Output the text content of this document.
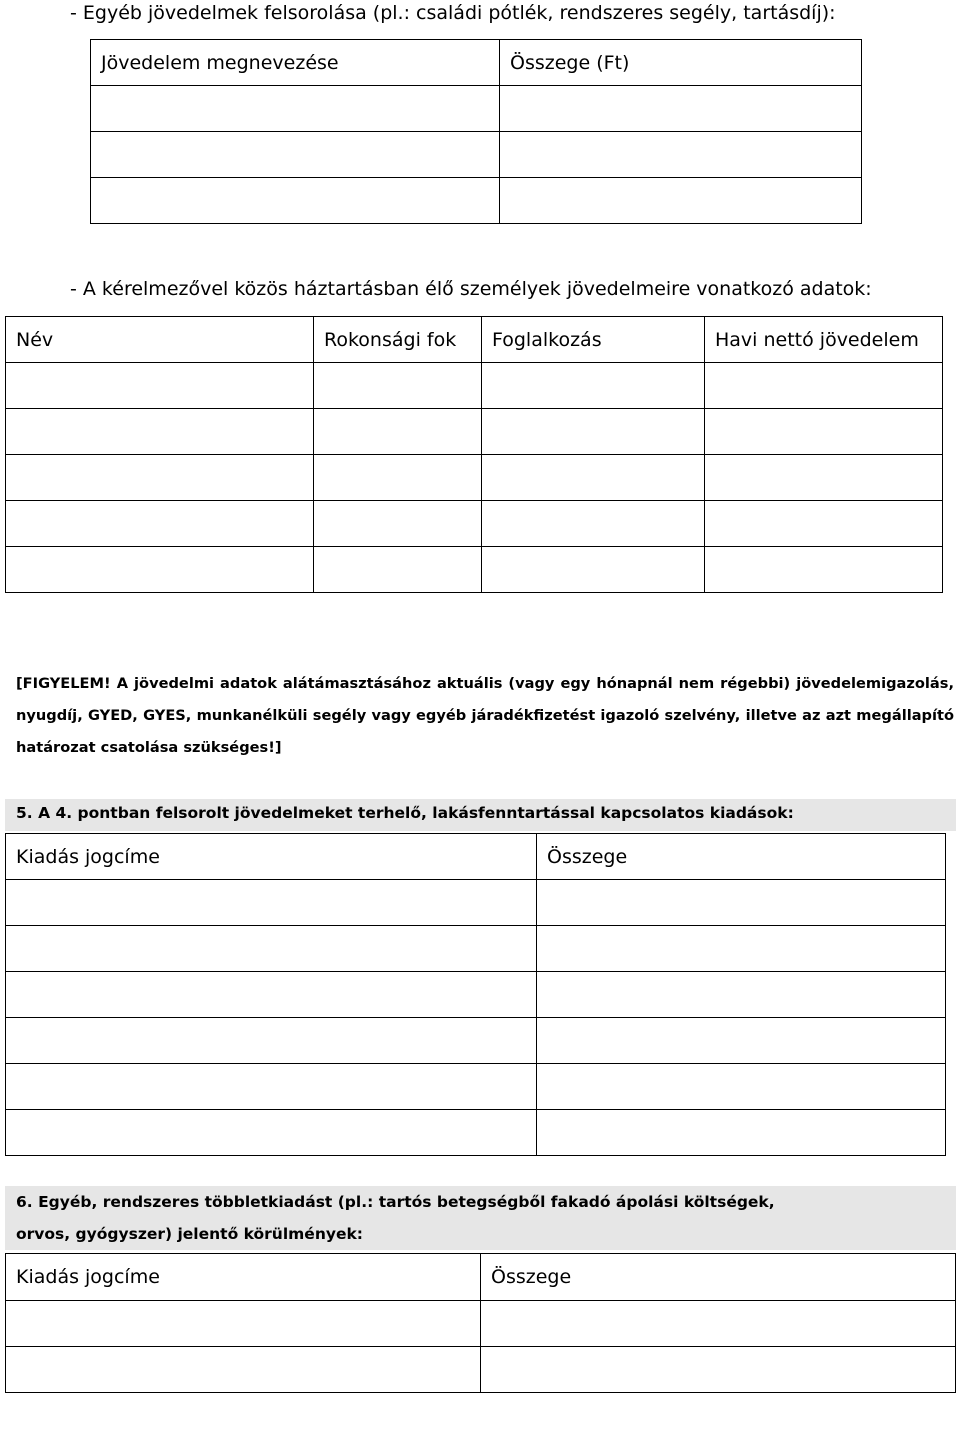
- Egyéb jövedelmek felsorolása (pl.: családi pótlék, rendszeres segély, tartásdíj):
Jövedelem megnevezése	Összege (Ft)

- A kérelmezővel közös háztartásban élő személyek jövedelmeire vonatkozó adatok:
Név	Rokonsági fok	Foglalkozás	Havi nettó jövedelem

[FIGYELEM! A jövedelmi adatok alátámasztásához aktuális (vagy egy hónapnál nem régebbi) jövedelemigazolás, nyugdíj, GYED, GYES, munkanélküli segély vagy egyéb járadékfizetést igazoló szelvény, illetve az azt megállapító határozat csatolása szükséges!]
5. A 4. pontban felsorolt jövedelmeket terhelő, lakásfenntartással kapcsolatos kiadások:
Kiadás jogcíme	Összege

6. Egyéb, rendszeres többletkiadást (pl.: tartós betegségből fakadó ápolási költségek, orvos, gyógyszer) jelentő körülmények:
Kiadás jogcíme	Összege
